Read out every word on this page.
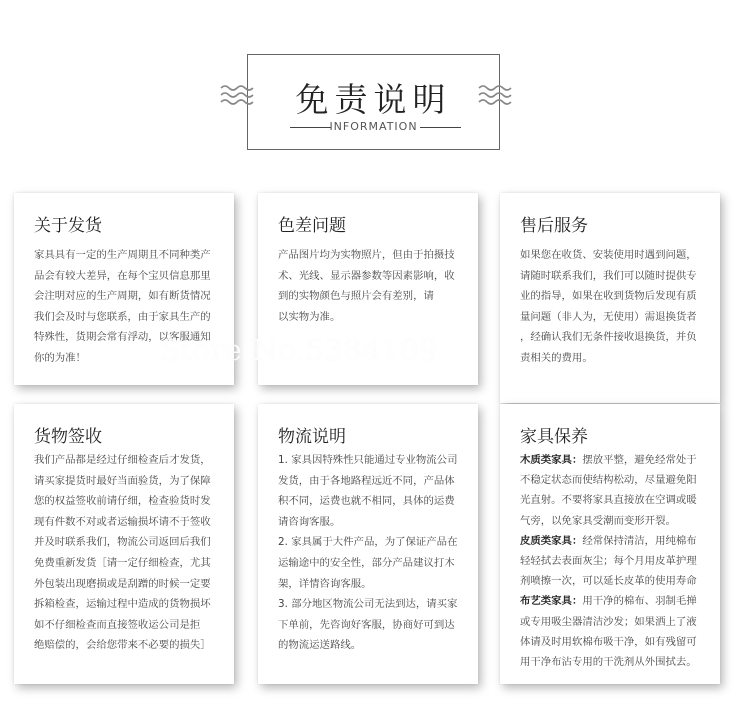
免责说明
INFORMATION
关于发货
家具具有一定的生产周期且不同种类产
品会有较大差异，在每个宝贝信息那里
会注明对应的生产周期，如有断货情况
我们会及时与您联系，由于家具生产的
特殊性，货期会常有浮动，以客服通知
你的为准！
色差问题
产品图片均为实物照片，但由于拍摄技
术、光线、显示器参数等因素影响，收
到的实物颜色与照片会有差别，请
以实物为准。
售后服务
如果您在收货、安装使用时遇到问题，
请随时联系我们，我们可以随时提供专
业的指导，如果在收到货物后发现有质
量问题（非人为，无使用）需退换货者
，经确认我们无条件接收退换货，并负
责相关的费用。
货物签收
我们产品都是经过仔细检查后才发货，
请买家提货时最好当面验货，为了保障
您的权益签收前请仔细，检查验货时发
现有件数不对或者运输损坏请不于签收
并及时联系我们，物流公司返回后我们
免费重新发货［请一定仔细检查，尤其
外包装出现磨损或是刮蹭的时候一定要
拆箱检查，运输过程中造成的货物损坏
如不仔细检查而直接签收运公司是拒
绝赔偿的，会给您带来不必要的损失］
物流说明
1. 家具因特殊性只能通过专业物流公司
发货，由于各地路程远近不同，产品体
积不同，运费也就不相同，具体的运费
请咨询客服。
2. 家具属于大件产品，为了保证产品在
运输途中的安全性，部分产品建议打木
架，详情咨询客服。
3. 部分地区物流公司无法到达，请买家
下单前，先咨询好客服，协商好可到达
的物流运送路线。
家具保养
木质类家具：摆放平整，避免经常处于
不稳定状态而使结构松动，尽量避免阳
光直射。不要将家具直接放在空调或暖
气旁，以免家具受潮而变形开裂。
皮质类家具：经常保持清洁，用纯棉布
轻轻拭去表面灰尘；每个月用皮革护理
剂喷擦一次，可以延长皮革的使用寿命
布艺类家具：用干净的棉布、羽制毛掸
或专用吸尘器清洁沙发；如果洒上了液
体请及时用软棉布吸干净，如有残留可
用干净布沾专用的干洗剂从外围拭去。
Store No.5384109
